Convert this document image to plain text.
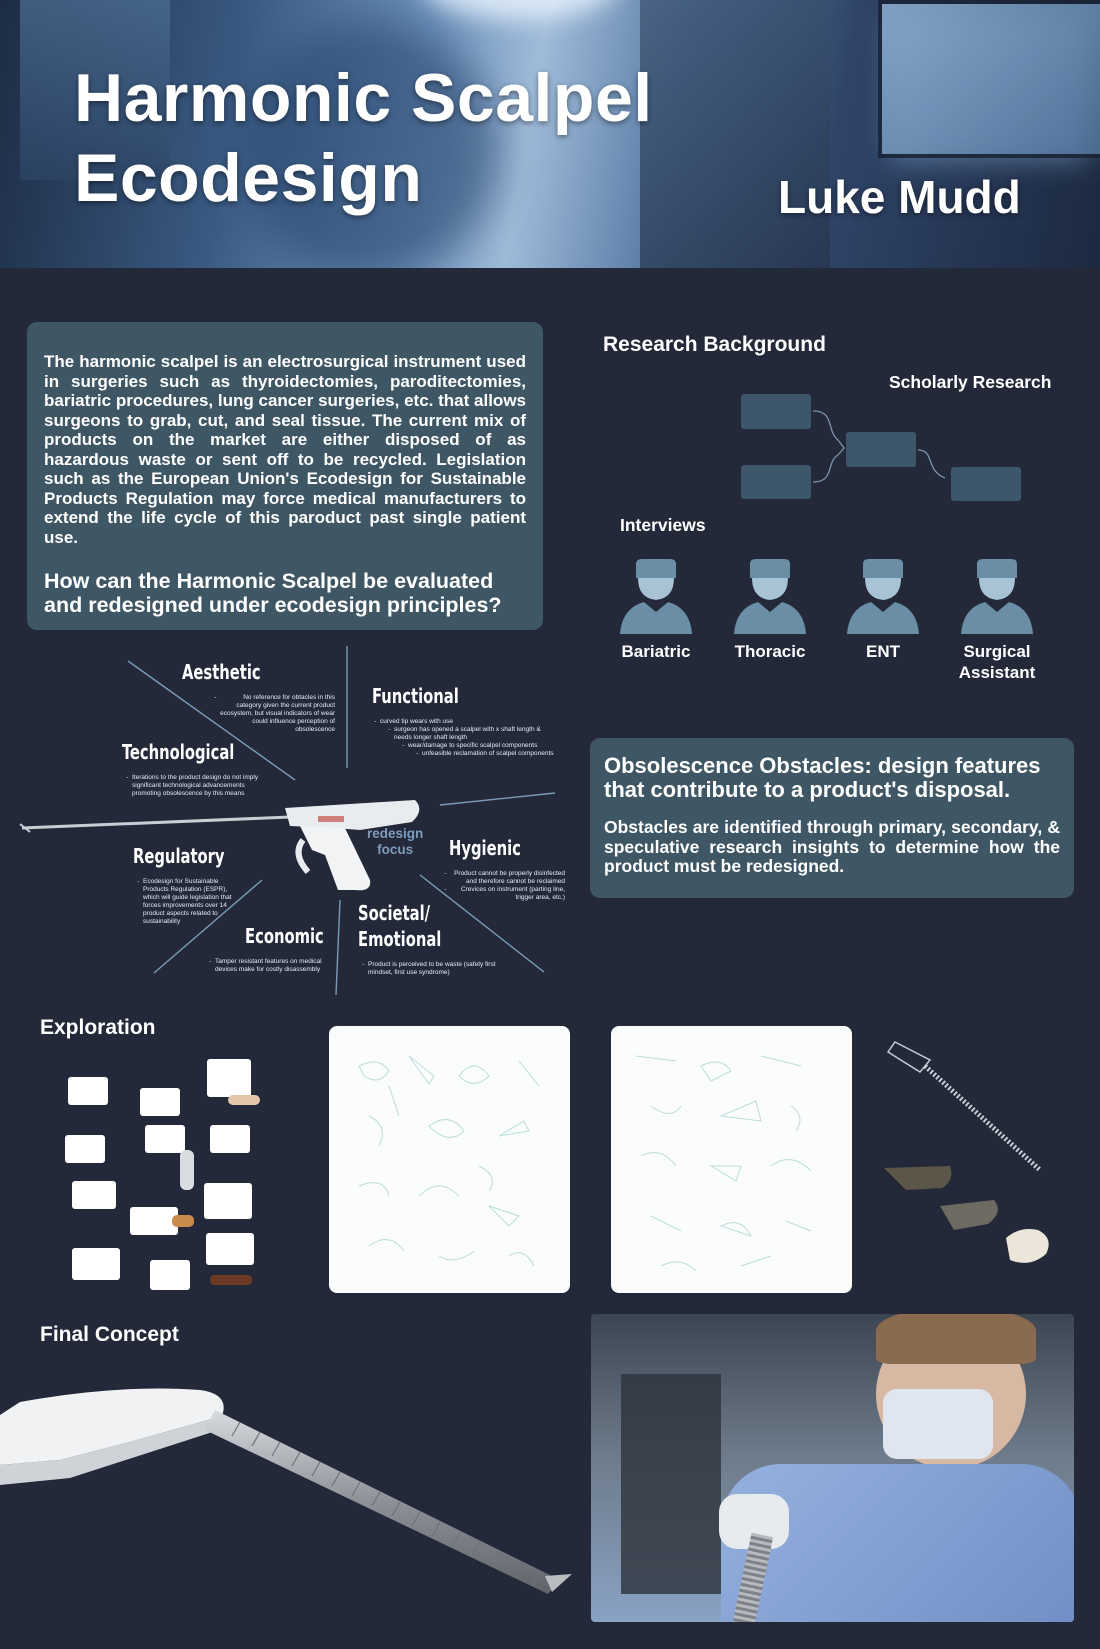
Harmonic Scalpel
Ecodesign	Luke Mudd

The harmonic scalpel is an electrosurgical instrument used in surgeries such as thyroidectomies, paroditectomies, bariatric procedures, lung cancer surgeries, etc. that allows surgeons to grab, cut, and seal tissue. The current mix of products on the market are either disposed of as hazardous waste or sent off to be recycled. Legislation such as the European Union's Ecodesign for Sustainable Products Regulation may force medical manufacturers to extend the life cycle of this paroduct past single patient use.

How can the Harmonic Scalpel be evaluated and redesigned under ecodesign principles?
Research Background
Scholarly Research
Interviews
Bariatric	Thoracic	ENT	Surgical Assistant
Obsolescence Obstacles: design features that contribute to a product's disposal.

Obstacles are identified through primary, secondary, & speculative research insights to determine how the product must be redesigned.

redesign
focus
Aesthetic
- No reference for obtacles in this category given the current product ecosystem, but visual indicators of wear could influence perception of obsolescence
Functional
- curved tip wears with use
- surgeon has opened a scalpel with x shaft length & needs longer shaft length
- wear/damage to specific scalpel components
- unfeasible reclamation of scalpel components
Technological
- Iterations to the product design do not imply significant technological advancements promoting obsolescence by this means
Regulatory
- Ecodesign for Sustainable Products Regulation (ESPR), which will guide legislation that forces improvements over 14 product aspects related to sustainability
Hygienic
- Product cannot be properly disinfected and therefore cannot be reclaimed
- Crevices on instrument (parting line, trigger area, etc.)
Economic
- Tamper resistant features on medical devices make for costly disassembly
Societal/
Emotional
- Product is perceived to be waste (safety first mindset, first use syndrome)
Exploration
Final Concept
